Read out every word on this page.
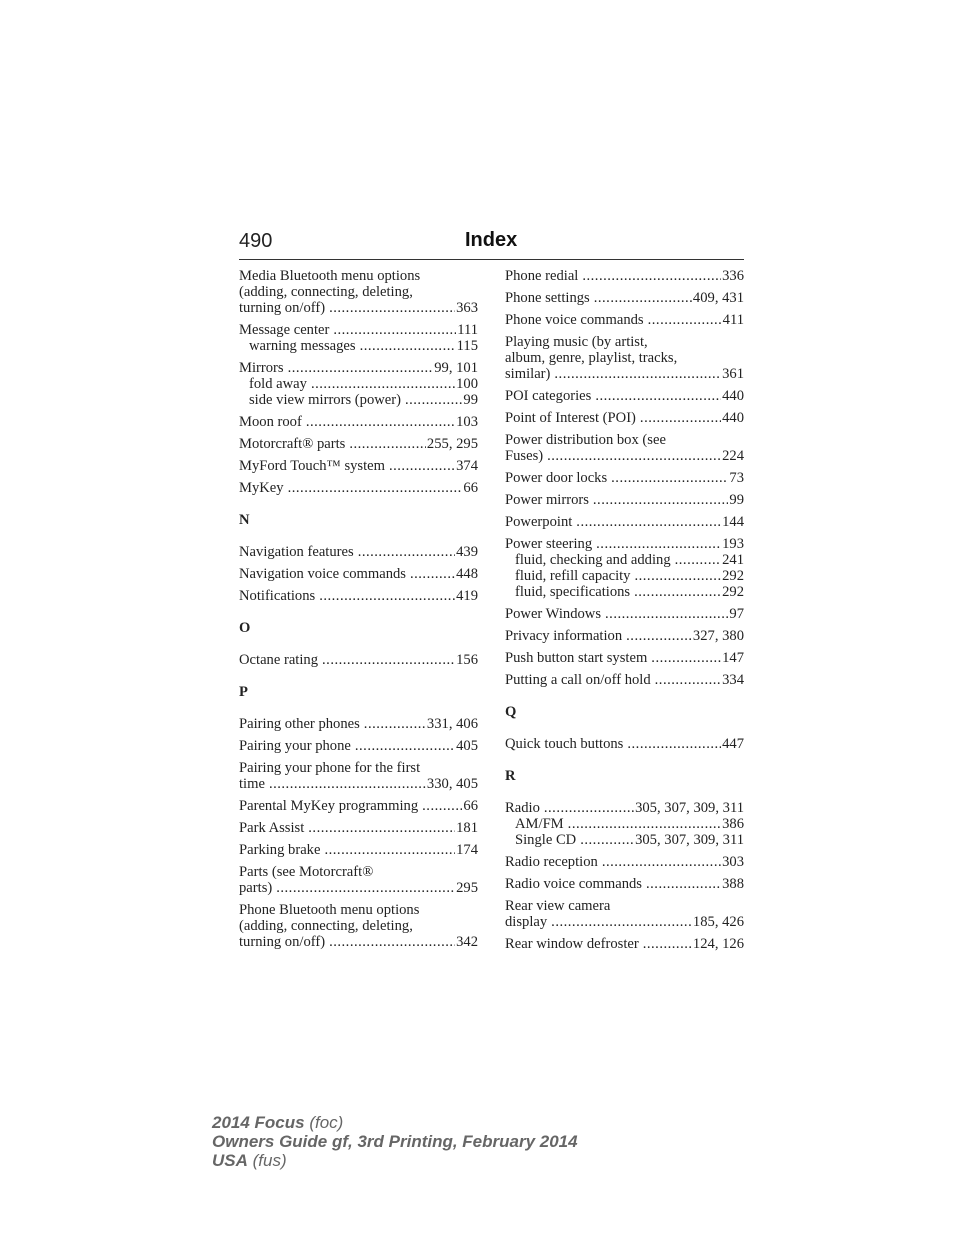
490	Index
Media Bluetooth menu options
(adding, connecting, deleting,
turning on/off) .....	363
Message center .....	111
warning messages .....	115
Mirrors .....	99, 101
fold away .....	100
side view mirrors (power) .....	99
Moon roof .....	103
Motorcraft® parts .....	255, 295
MyFord Touch™ system .....	374
MyKey .....	66
N
Navigation features .....	439
Navigation voice commands .....	448
Notifications .....	419
O
Octane rating .....	156
P
Pairing other phones .....	331, 406
Pairing your phone .....	405
Pairing your phone for the first
time .....	330, 405
Parental MyKey programming .....	66
Park Assist .....	181
Parking brake .....	174
Parts (see Motorcraft®
parts) .....	295
Phone Bluetooth menu options
(adding, connecting, deleting,
turning on/off) .....	342
Phone redial .....	336
Phone settings .....	409, 431
Phone voice commands .....	411
Playing music (by artist,
album, genre, playlist, tracks,
similar) .....	361
POI categories .....	440
Point of Interest (POI) .....	440
Power distribution box (see
Fuses) .....	224
Power door locks .....	73
Power mirrors .....	99
Powerpoint .....	144
Power steering .....	193
fluid, checking and adding .....	241
fluid, refill capacity .....	292
fluid, specifications .....	292
Power Windows .....	97
Privacy information .....	327, 380
Push button start system .....	147
Putting a call on/off hold .....	334
Q
Quick touch buttons .....	447
R
Radio .....	305, 307, 309, 311
AM/FM .....	386
Single CD .....	305, 307, 309, 311
Radio reception .....	303
Radio voice commands .....	388
Rear view camera
display .....	185, 426
Rear window defroster .....	124, 126
2014 Focus (foc)
Owners Guide gf, 3rd Printing, February 2014
USA (fus)
